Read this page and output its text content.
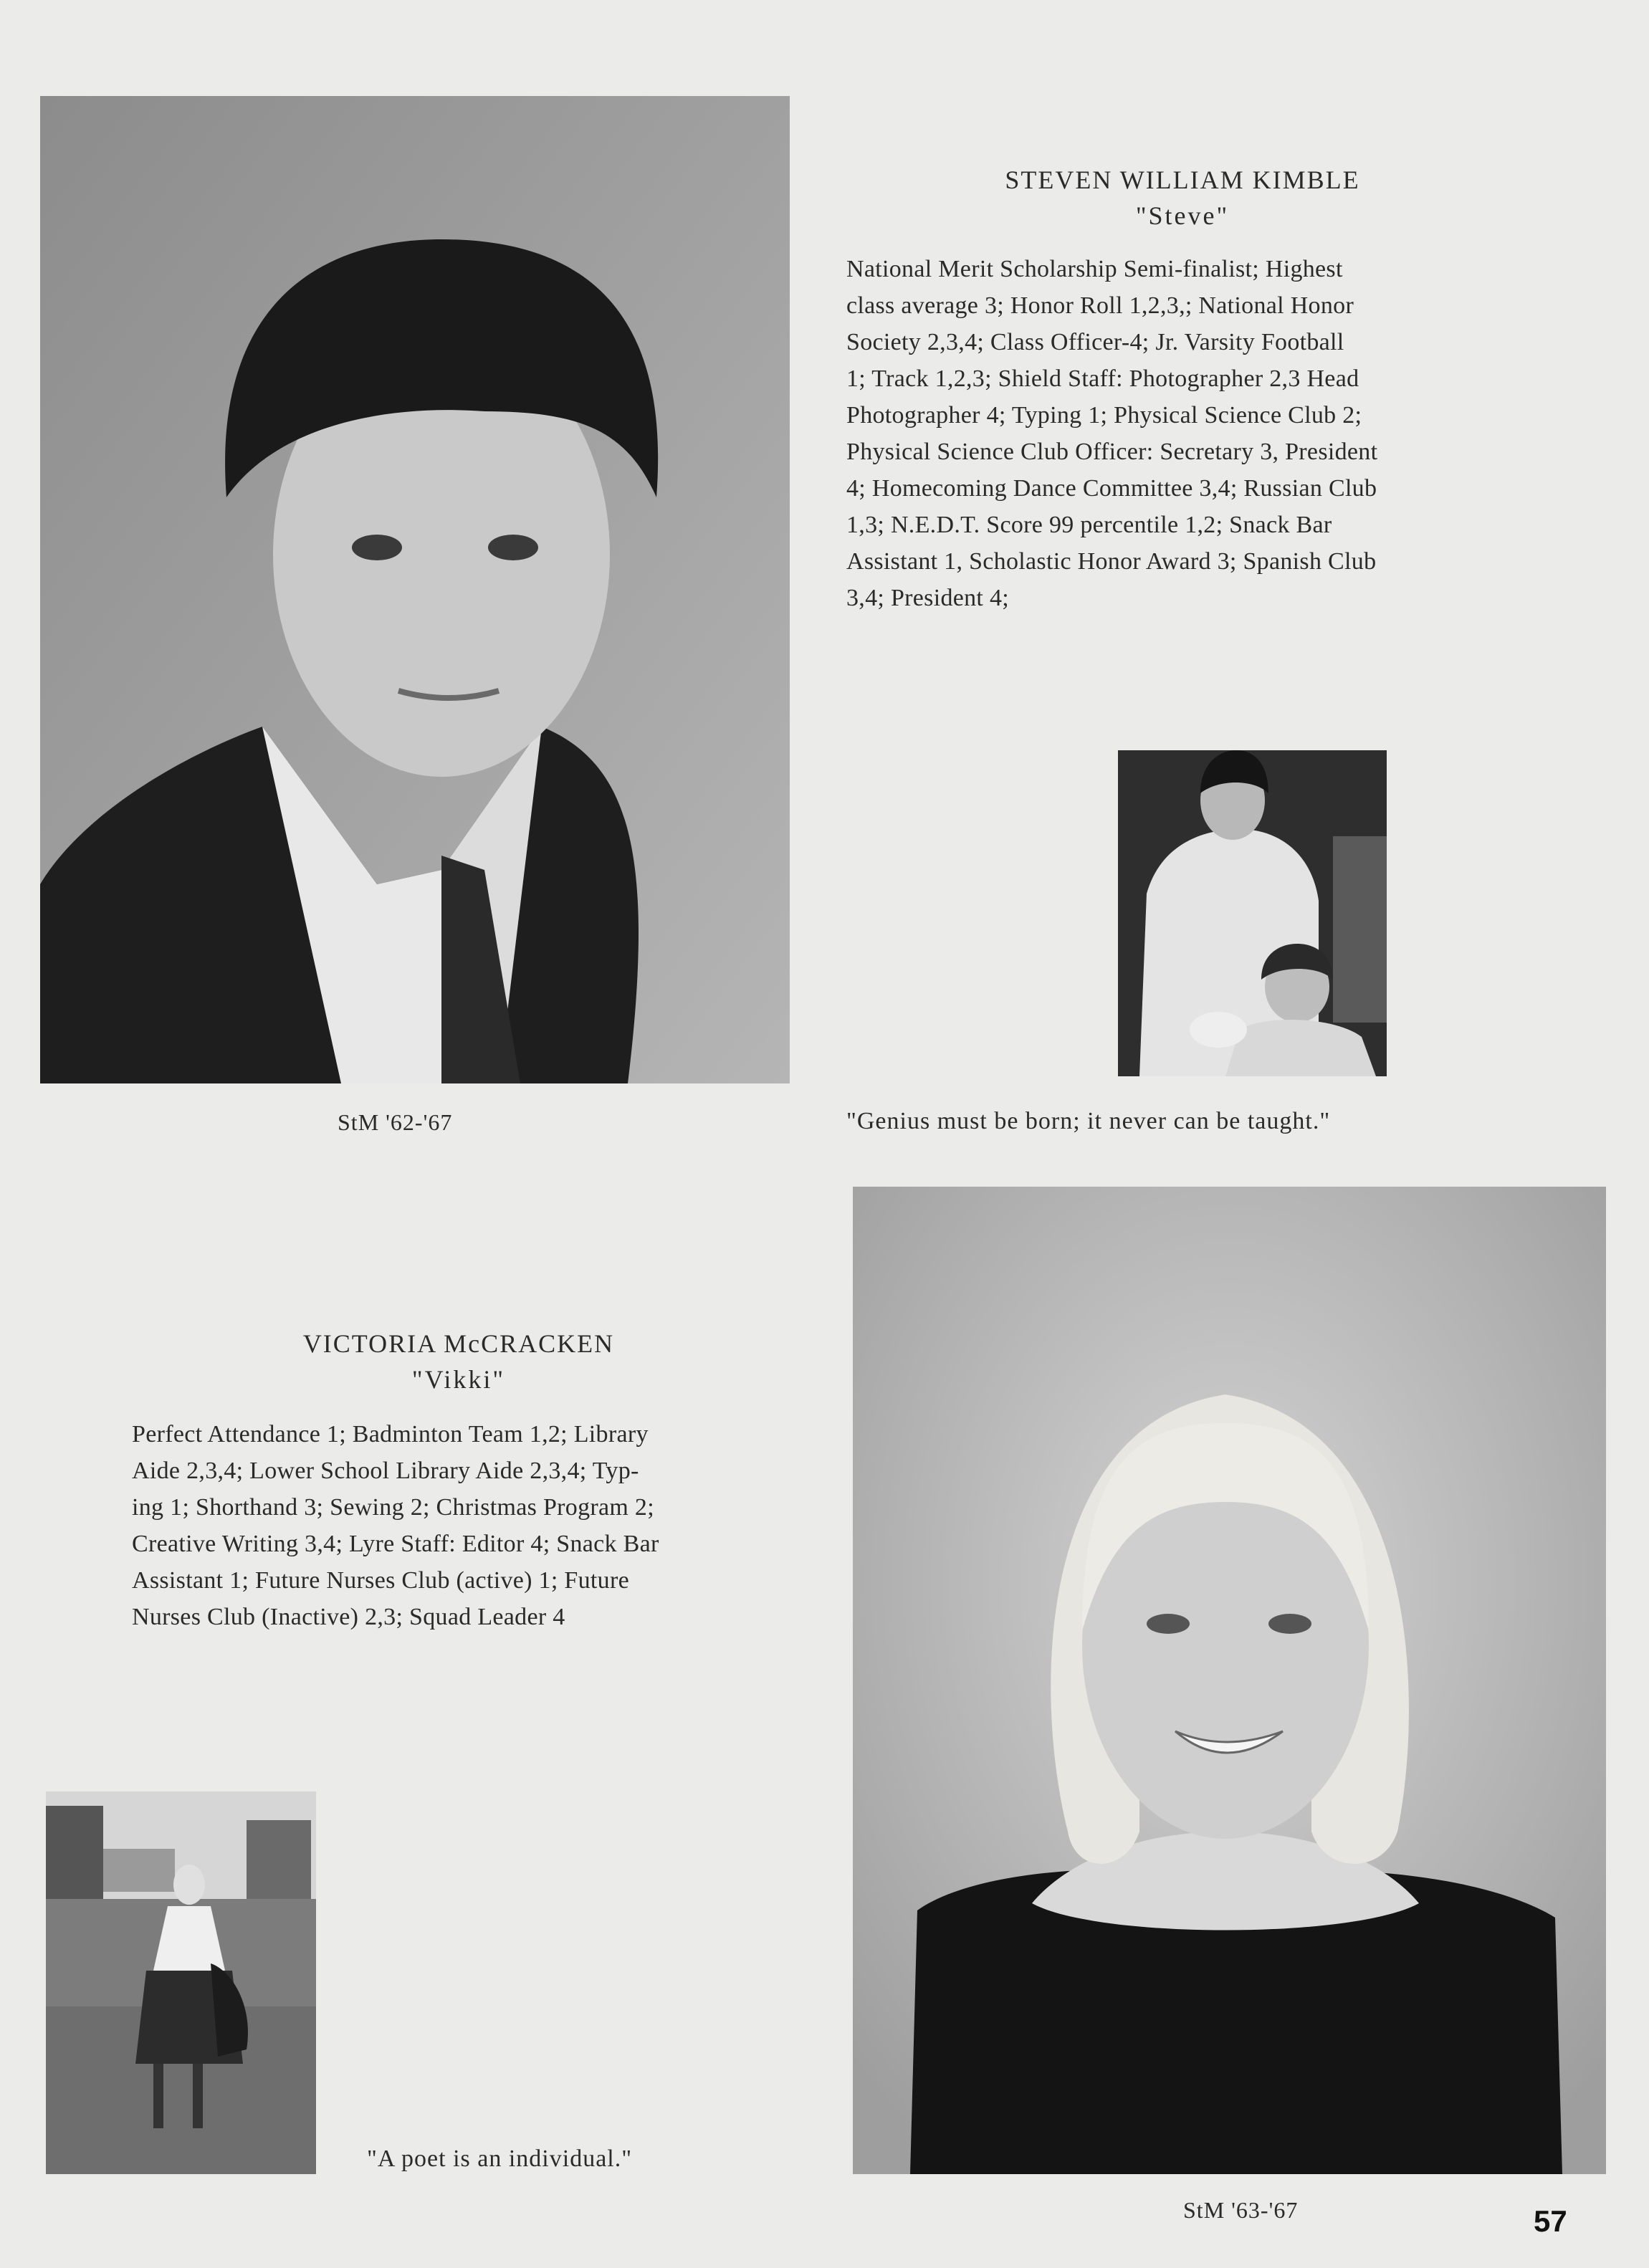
STEVEN WILLIAM KIMBLE
"Steve"
National Merit Scholarship Semi-finalist; Highest
class average 3; Honor Roll 1,2,3,; National Honor
Society 2,3,4; Class Officer-4; Jr. Varsity Football
1; Track 1,2,3; Shield Staff: Photographer 2,3 Head
Photographer 4; Typing 1; Physical Science Club 2;
Physical Science Club Officer: Secretary 3, President
4; Homecoming Dance Committee 3,4; Russian Club
1,3; N.E.D.T. Score 99 percentile 1,2; Snack Bar
Assistant 1, Scholastic Honor Award 3; Spanish Club
3,4; President 4;
StM '62-'67	"Genius must be born; it never can be taught."
VICTORIA McCRACKEN
"Vikki"
Perfect Attendance 1; Badminton Team 1,2; Library
Aide 2,3,4; Lower School Library Aide 2,3,4; Typ-
ing 1; Shorthand 3; Sewing 2; Christmas Program 2;
Creative Writing 3,4; Lyre Staff: Editor 4; Snack Bar
Assistant 1; Future Nurses Club (active) 1; Future
Nurses Club (Inactive) 2,3; Squad Leader 4
"A poet is an individual."
StM '63-'67	57
